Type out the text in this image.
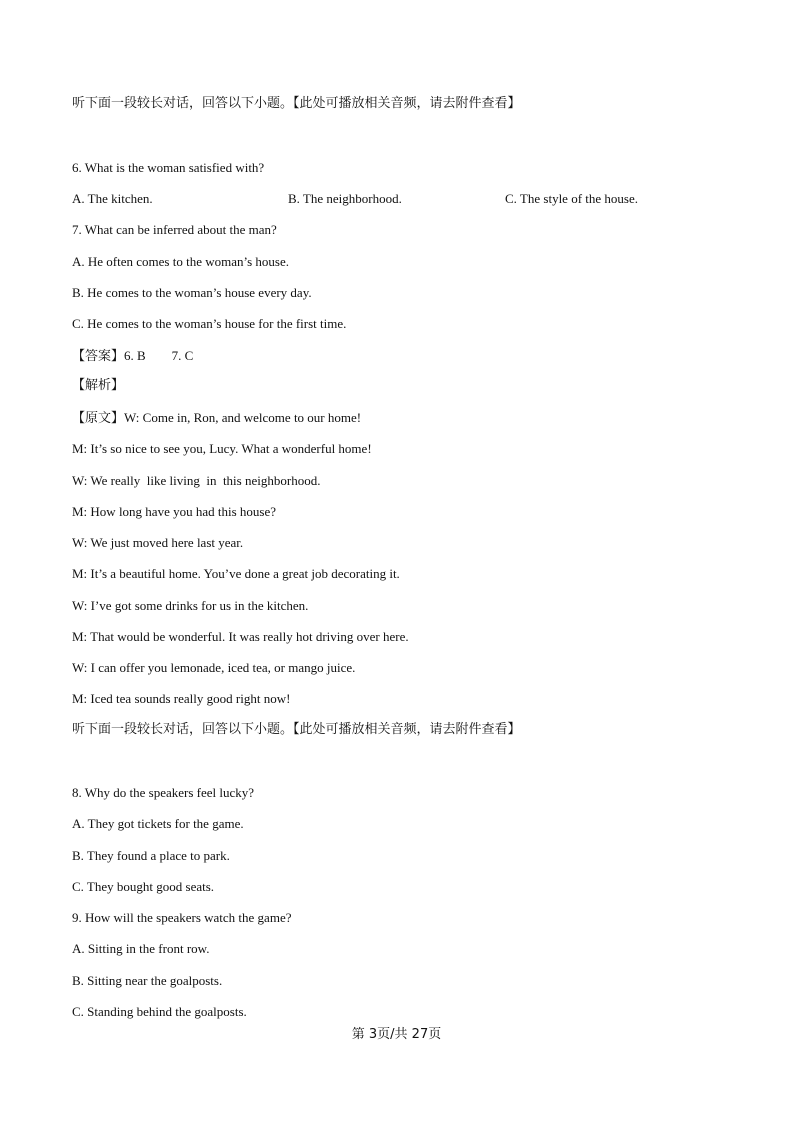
听下面一段较长对话，回答以下小题。【此处可播放相关音频，请去附件查看】
6. What is the woman satisfied with?
A. The kitchen.	B. The neighborhood.	C. The style of the house.
7. What can be inferred about the man?
A. He often comes to the woman’s house.
B. He comes to the woman’s house every day.
C. He comes to the woman’s house for the first time.
【答案】6. B        7. C
【解析】
【原文】W: Come in, Ron, and welcome to our home!
M: It’s so nice to see you, Lucy. What a wonderful home!
W: We really  like living  in  this neighborhood.
M: How long have you had this house?
W: We just moved here last year.
M: It’s a beautiful home. You’ve done a great job decorating it.
W: I’ve got some drinks for us in the kitchen.
M: That would be wonderful. It was really hot driving over here.
W: I can offer you lemonade, iced tea, or mango juice.
M: Iced tea sounds really good right now!
听下面一段较长对话，回答以下小题。【此处可播放相关音频，请去附件查看】
8. Why do the speakers feel lucky?
A. They got tickets for the game.
B. They found a place to park.
C. They bought good seats.
9. How will the speakers watch the game?
A. Sitting in the front row.
B. Sitting near the goalposts.
C. Standing behind the goalposts.
第 3页/共 27页
